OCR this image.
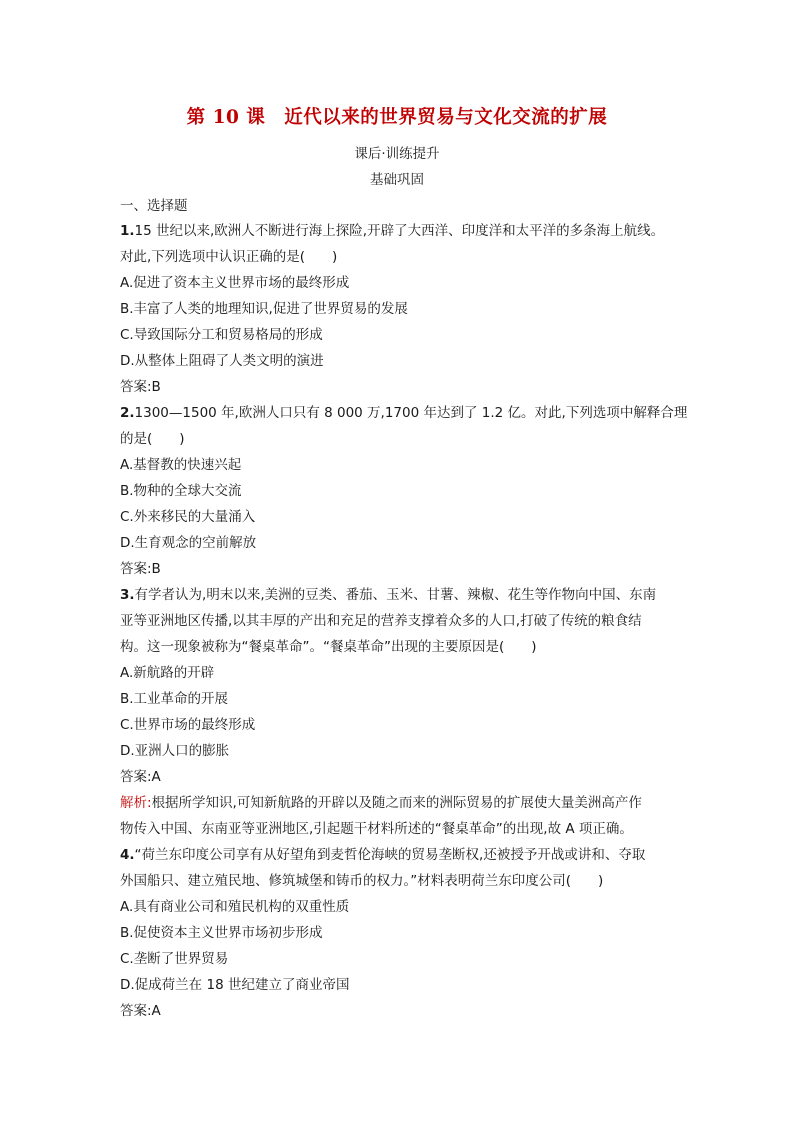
第 10 课　近代以来的世界贸易与文化交流的扩展
课后·训练提升
基础巩固
一、选择题
1.15 世纪以来,欧洲人不断进行海上探险,开辟了大西洋、印度洋和太平洋的多条海上航线。
对此,下列选项中认识正确的是(　　)
A.促进了资本主义世界市场的最终形成
B.丰富了人类的地理知识,促进了世界贸易的发展
C.导致国际分工和贸易格局的形成
D.从整体上阻碍了人类文明的演进
答案:B
2.1300—1500 年,欧洲人口只有 8 000 万,1700 年达到了 1.2 亿。对此,下列选项中解释合理
的是(　　)
A.基督教的快速兴起
B.物种的全球大交流
C.外来移民的大量涌入
D.生育观念的空前解放
答案:B
3.有学者认为,明末以来,美洲的豆类、番茄、玉米、甘薯、辣椒、花生等作物向中国、东南
亚等亚洲地区传播,以其丰厚的产出和充足的营养支撑着众多的人口,打破了传统的粮食结
构。这一现象被称为“餐桌革命”。“餐桌革命”出现的主要原因是(　　)
A.新航路的开辟
B.工业革命的开展
C.世界市场的最终形成
D.亚洲人口的膨胀
答案:A
解析:根据所学知识,可知新航路的开辟以及随之而来的洲际贸易的扩展使大量美洲高产作
物传入中国、东南亚等亚洲地区,引起题干材料所述的“餐桌革命”的出现,故 A 项正确。
4.“荷兰东印度公司享有从好望角到麦哲伦海峡的贸易垄断权,还被授予开战或讲和、夺取
外国船只、建立殖民地、修筑城堡和铸币的权力。”材料表明荷兰东印度公司(　　)
A.具有商业公司和殖民机构的双重性质
B.促使资本主义世界市场初步形成
C.垄断了世界贸易
D.促成荷兰在 18 世纪建立了商业帝国
答案:A
